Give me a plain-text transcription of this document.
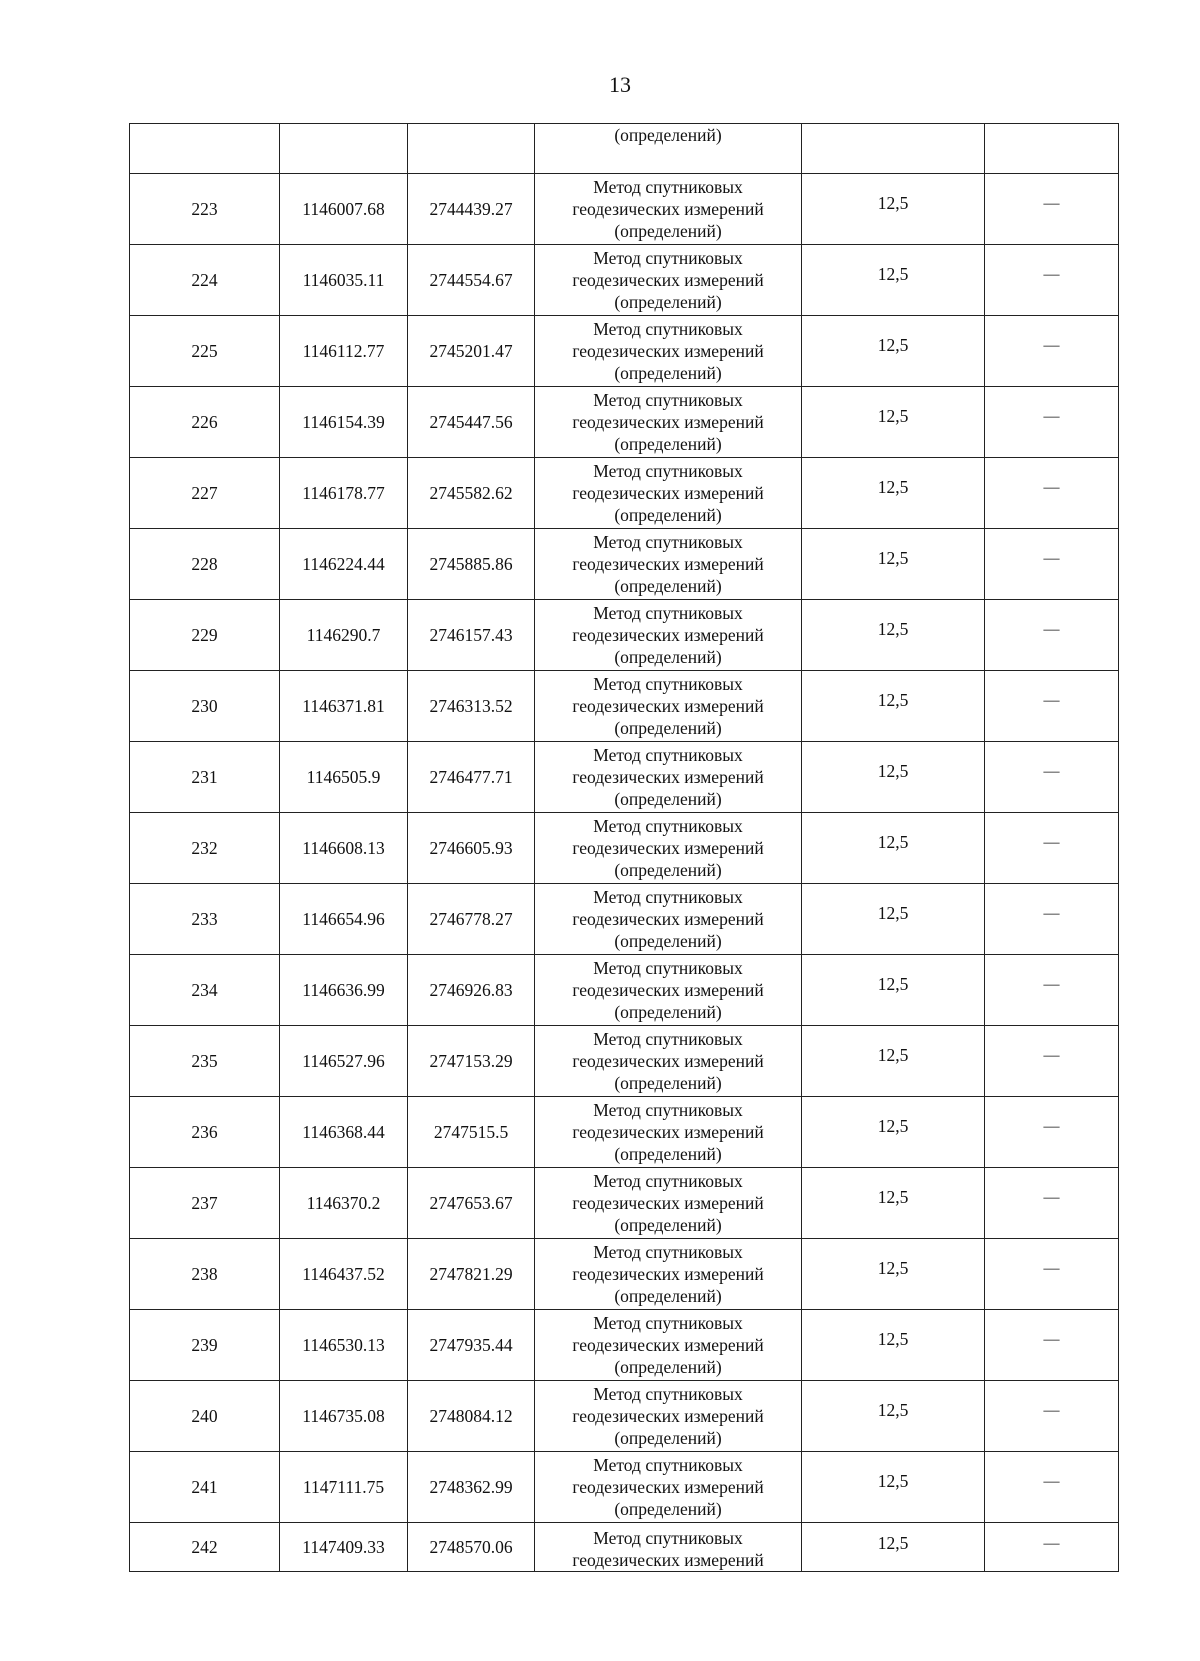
13
			(определений)		
223	1146007.68	2744439.27	Метод спутниковых
геодезических измерений
(определений)	12,5	—
224	1146035.11	2744554.67	Метод спутниковых
геодезических измерений
(определений)	12,5	—
225	1146112.77	2745201.47	Метод спутниковых
геодезических измерений
(определений)	12,5	—
226	1146154.39	2745447.56	Метод спутниковых
геодезических измерений
(определений)	12,5	—
227	1146178.77	2745582.62	Метод спутниковых
геодезических измерений
(определений)	12,5	—
228	1146224.44	2745885.86	Метод спутниковых
геодезических измерений
(определений)	12,5	—
229	1146290.7	2746157.43	Метод спутниковых
геодезических измерений
(определений)	12,5	—
230	1146371.81	2746313.52	Метод спутниковых
геодезических измерений
(определений)	12,5	—
231	1146505.9	2746477.71	Метод спутниковых
геодезических измерений
(определений)	12,5	—
232	1146608.13	2746605.93	Метод спутниковых
геодезических измерений
(определений)	12,5	—
233	1146654.96	2746778.27	Метод спутниковых
геодезических измерений
(определений)	12,5	—
234	1146636.99	2746926.83	Метод спутниковых
геодезических измерений
(определений)	12,5	—
235	1146527.96	2747153.29	Метод спутниковых
геодезических измерений
(определений)	12,5	—
236	1146368.44	2747515.5	Метод спутниковых
геодезических измерений
(определений)	12,5	—
237	1146370.2	2747653.67	Метод спутниковых
геодезических измерений
(определений)	12,5	—
238	1146437.52	2747821.29	Метод спутниковых
геодезических измерений
(определений)	12,5	—
239	1146530.13	2747935.44	Метод спутниковых
геодезических измерений
(определений)	12,5	—
240	1146735.08	2748084.12	Метод спутниковых
геодезических измерений
(определений)	12,5	—
241	1147111.75	2748362.99	Метод спутниковых
геодезических измерений
(определений)	12,5	—
242	1147409.33	2748570.06	Метод спутниковых
геодезических измерений	12,5	—
